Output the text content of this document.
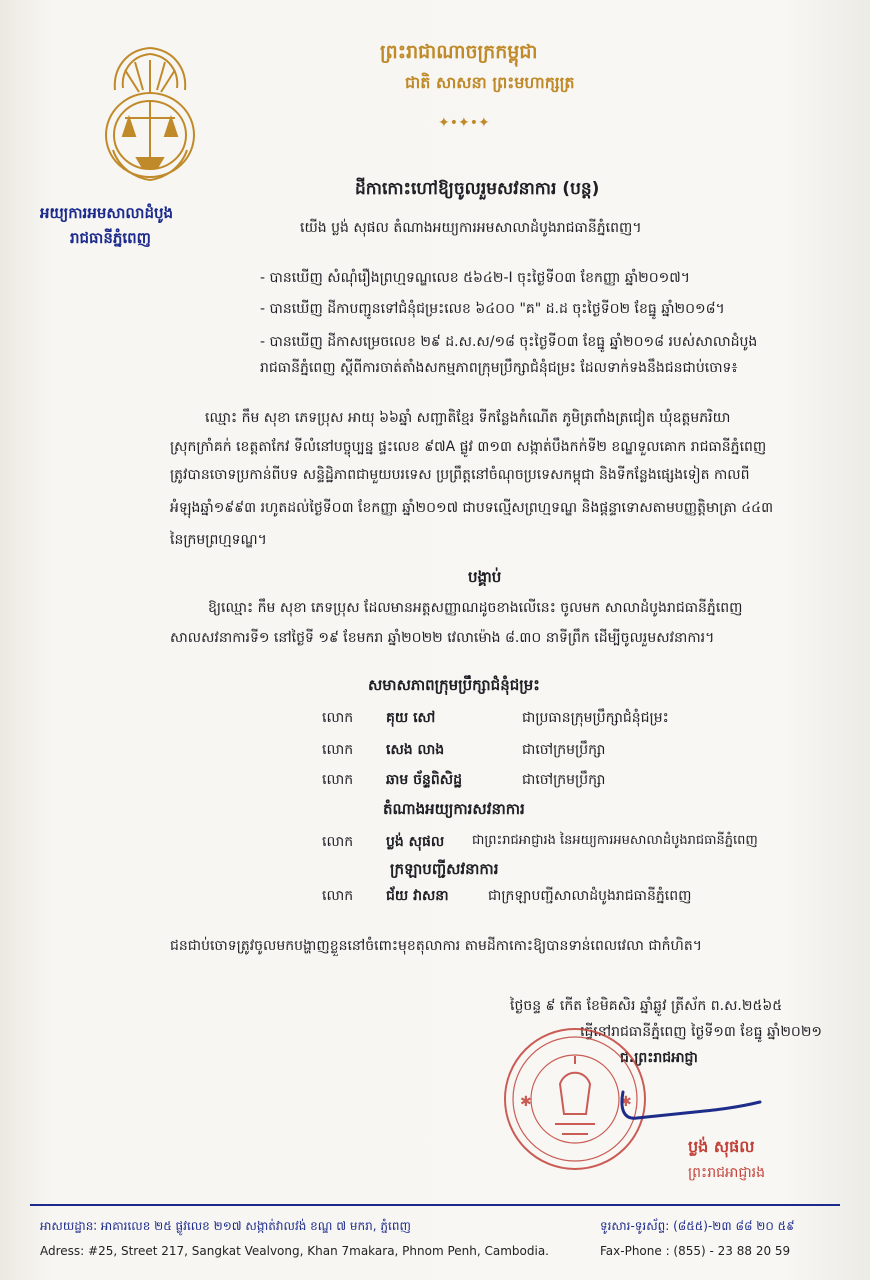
អយ្យការអមសាលាដំបូង
រាជធានីភ្នំពេញ
ព្រះរាជាណាចក្រកម្ពុជា
ជាតិ សាសនា ព្រះមហាក្សត្រ
✦•✦•✦
ដីកាកោះហៅឱ្យចូលរួមសវនាការ (បន្ត)
យើង ប្លង់ សុផល តំណាងអយ្យការអមសាលាដំបូងរាជធានីភ្នំពេញ។
- បានឃើញ សំណុំរឿងព្រហ្មទណ្ឌលេខ ៥៦៤២-I ចុះថ្ងៃទី០៣ ខែកញ្ញា ឆ្នាំ២០១៧។
- បានឃើញ ដីកាបញ្ជូនទៅជំនុំជម្រះលេខ ៦៤០០ "គ" ដ.ដ ចុះថ្ងៃទី០២ ខែធ្នូ ឆ្នាំ២០១៨។
- បានឃើញ ដីកាសម្រេចលេខ ២៩ ដ.ស.ស/១៨ ចុះថ្ងៃទី០៣ ខែធ្នូ ឆ្នាំ២០១៨ របស់សាលាដំបូង
រាជធានីភ្នំពេញ ស្តីពីការចាត់តាំងសកម្មភាពក្រុមប្រឹក្សាជំនុំជម្រះ ដែលទាក់ទងនឹងជនជាប់ចោទ៖
ឈ្មោះ កឹម សុខា ភេទប្រុស អាយុ ៦៦ឆ្នាំ សញ្ជាតិខ្មែរ ទីកន្លែងកំណើត ភូមិត្រពាំងត្រជៀត ឃុំឧត្តមភរិយា
ស្រុកក្រាំគក់ ខេត្តតាកែវ ទីលំនៅបច្ចុប្បន្ន ផ្ទះលេខ ៩៧A ផ្លូវ ៣១៣ សង្កាត់បឹងកក់ទី២ ខណ្ឌទួលគោក រាជធានីភ្នំពេញ
ត្រូវបានចោទប្រកាន់ពីបទ សន្ទិដ្ឋិភាពជាមួយបរទេស ប្រព្រឹត្តនៅចំណុចប្រទេសកម្ពុជា និងទីកន្លែងផ្សេងទៀត កាលពី
អំឡុងឆ្នាំ១៩៩៣ រហូតដល់ថ្ងៃទី០៣ ខែកញ្ញា ឆ្នាំ២០១៧ ជាបទល្មើសព្រហ្មទណ្ឌ និងផ្តន្ទាទោសតាមបញ្ញត្តិមាត្រា ៤៤៣
នៃក្រមព្រហ្មទណ្ឌ។
បង្គាប់
ឱ្យឈ្មោះ កឹម សុខា ភេទប្រុស ដែលមានអត្តសញ្ញាណដូចខាងលើនេះ ចូលមក សាលាដំបូងរាជធានីភ្នំពេញ
សាលសវនាការទី១ នៅថ្ងៃទី ១៩ ខែមករា ឆ្នាំ២០២២ វេលាម៉ោង ៨.៣០ នាទីព្រឹក ដើម្បីចូលរួមសវនាការ។
សមាសភាពក្រុមប្រឹក្សាជំនុំជម្រះ
លោក គុយ សៅ	ជាប្រធានក្រុមប្រឹក្សាជំនុំជម្រះ
លោក សេង លាង	ជាចៅក្រមប្រឹក្សា
លោក ឆាម ច័ន្ទពិសិដ្ឋ	ជាចៅក្រមប្រឹក្សា
តំណាងអយ្យការសវនាការ
លោក ប្លង់ សុផល ជាព្រះរាជអាជ្ញារង នៃអយ្យការអមសាលាដំបូងរាជធានីភ្នំពេញ
ក្រឡាបញ្ជីសវនាការ
លោក ជ័យ វាសនា	ជាក្រឡាបញ្ជីសាលាដំបូងរាជធានីភ្នំពេញ
ជនជាប់ចោទត្រូវចូលមកបង្ហាញខ្លួននៅចំពោះមុខតុលាការ តាមដីកាកោះឱ្យបានទាន់ពេលវេលា ជាកំហិត។
ថ្ងៃចន្ទ ៩ កើត ខែមិគសិរ ឆ្នាំឆ្លូវ ត្រីស័ក ព.ស.២៥៦៥
ធ្វើនៅរាជធានីភ្នំពេញ ថ្ងៃទី១៣ ខែធ្នូ ឆ្នាំ២០២១
ជ.ព្រះរាជអាជ្ញា
✱	✱
ប្លង់ សុផល
ព្រះរាជអាជ្ញារង
អាសយដ្ឋានៈ អាគារលេខ ២៥ ផ្លូវលេខ ២១៧ សង្កាត់វាលវង់ ខណ្ឌ ៧ មករា, ភ្នំពេញ
Adress: #25, Street 217, Sangkat Vealvong, Khan 7makara, Phnom Penh, Cambodia.
ទូរសារ-ទូរស័ព្ទ: (៨៥៥)-២៣ ៨៨ ២០ ៥៩
Fax-Phone : (855) - 23 88 20 59
